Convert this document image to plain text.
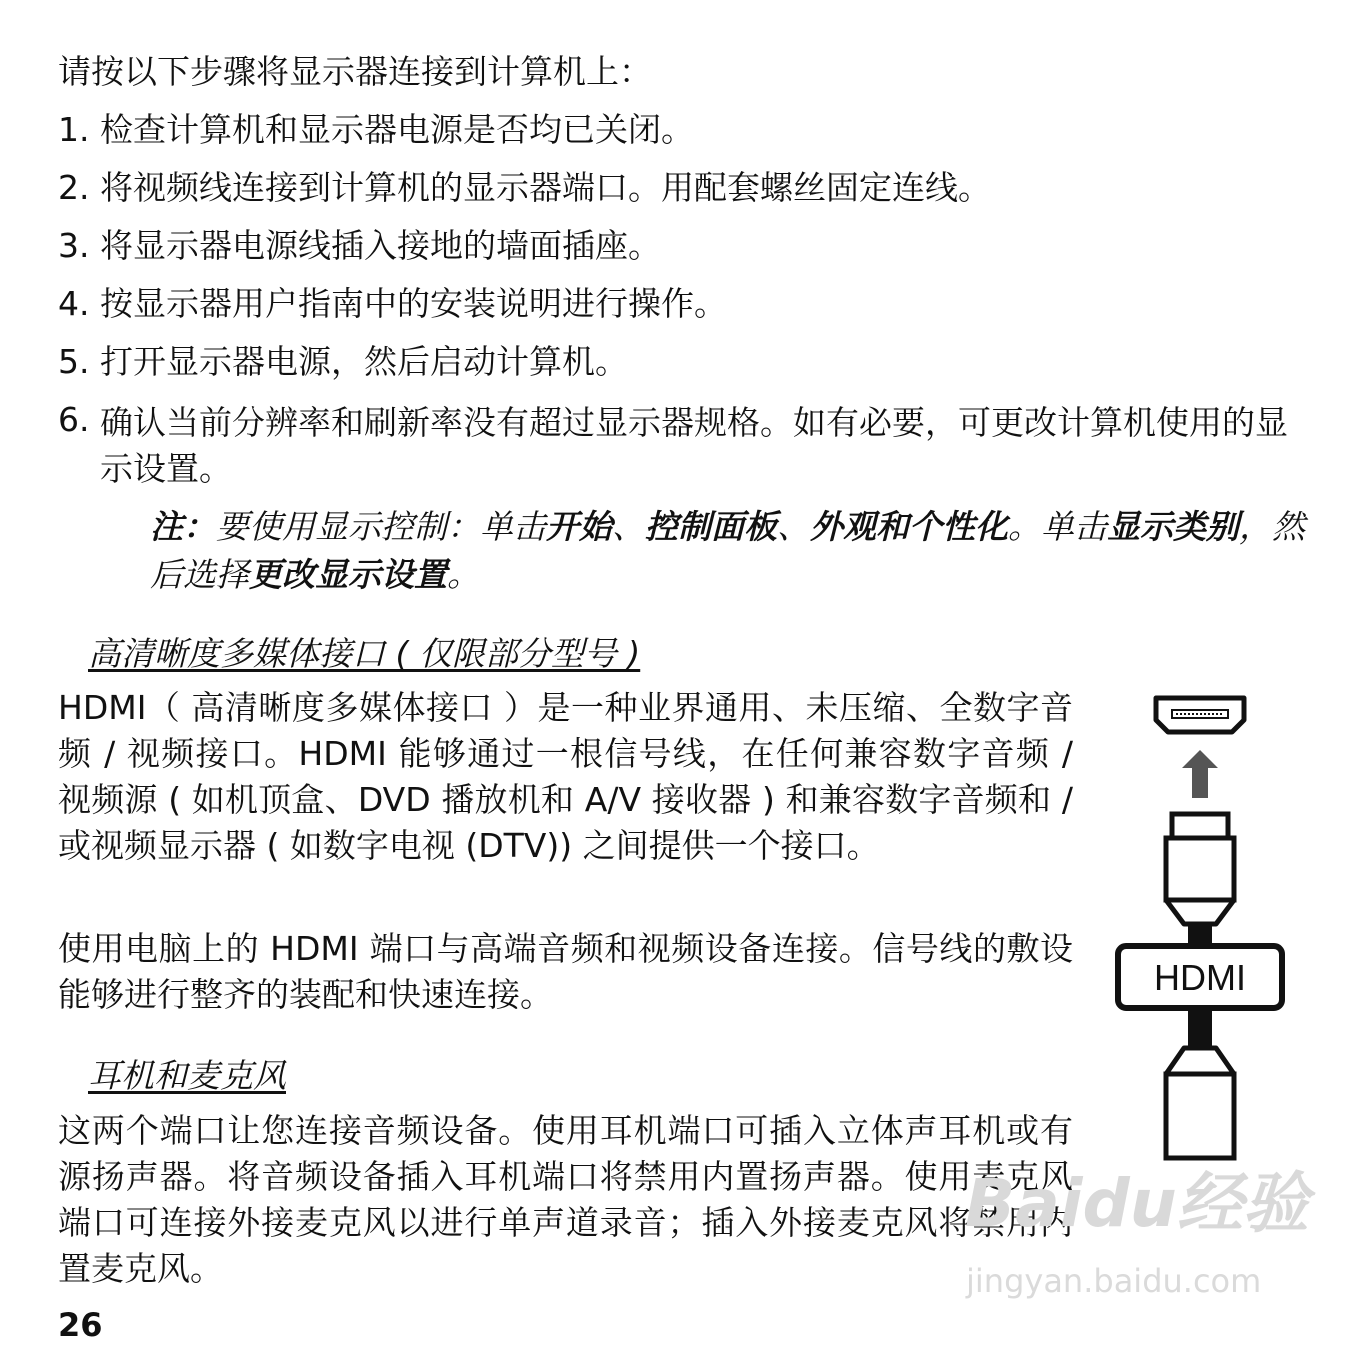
请按以下步骤将显示器连接到计算机上：
1. 检查计算机和显示器电源是否均已关闭。
2. 将视频线连接到计算机的显示器端口。用配套螺丝固定连线。
3. 将显示器电源线插入接地的墙面插座。
4. 按显示器用户指南中的安装说明进行操作。
5. 打开显示器电源，然后启动计算机。
6. 确认当前分辨率和刷新率没有超过显示器规格。如有必要，可更改计算机使用的显示设置。
注：要使用显示控制：单击开始、控制面板、外观和个性化。单击显示类别，然后选择更改显示设置。
高清晰度多媒体接口 ( 仅限部分型号 )
HDMI（ 高清晰度多媒体接口 ）是一种业界通用、未压缩、全数字音频 / 视频接口。HDMI 能够通过一根信号线，在任何兼容数字音频 / 视频源 ( 如机顶盒、DVD 播放机和 A/V 接收器 ) 和兼容数字音频和 / 或视频显示器 ( 如数字电视 (DTV)) 之间提供一个接口。
使用电脑上的 HDMI 端口与高端音频和视频设备连接。信号线的敷设能够进行整齐的装配和快速连接。	HDMI
耳机和麦克风
这两个端口让您连接音频设备。使用耳机端口可插入立体声耳机或有源扬声器。将音频设备插入耳机端口将禁用内置扬声器。使用麦克风端口可连接外接麦克风以进行单声道录音；插入外接麦克风将禁用内置麦克风。
26
Baidu经验
jingyan.baidu.com
